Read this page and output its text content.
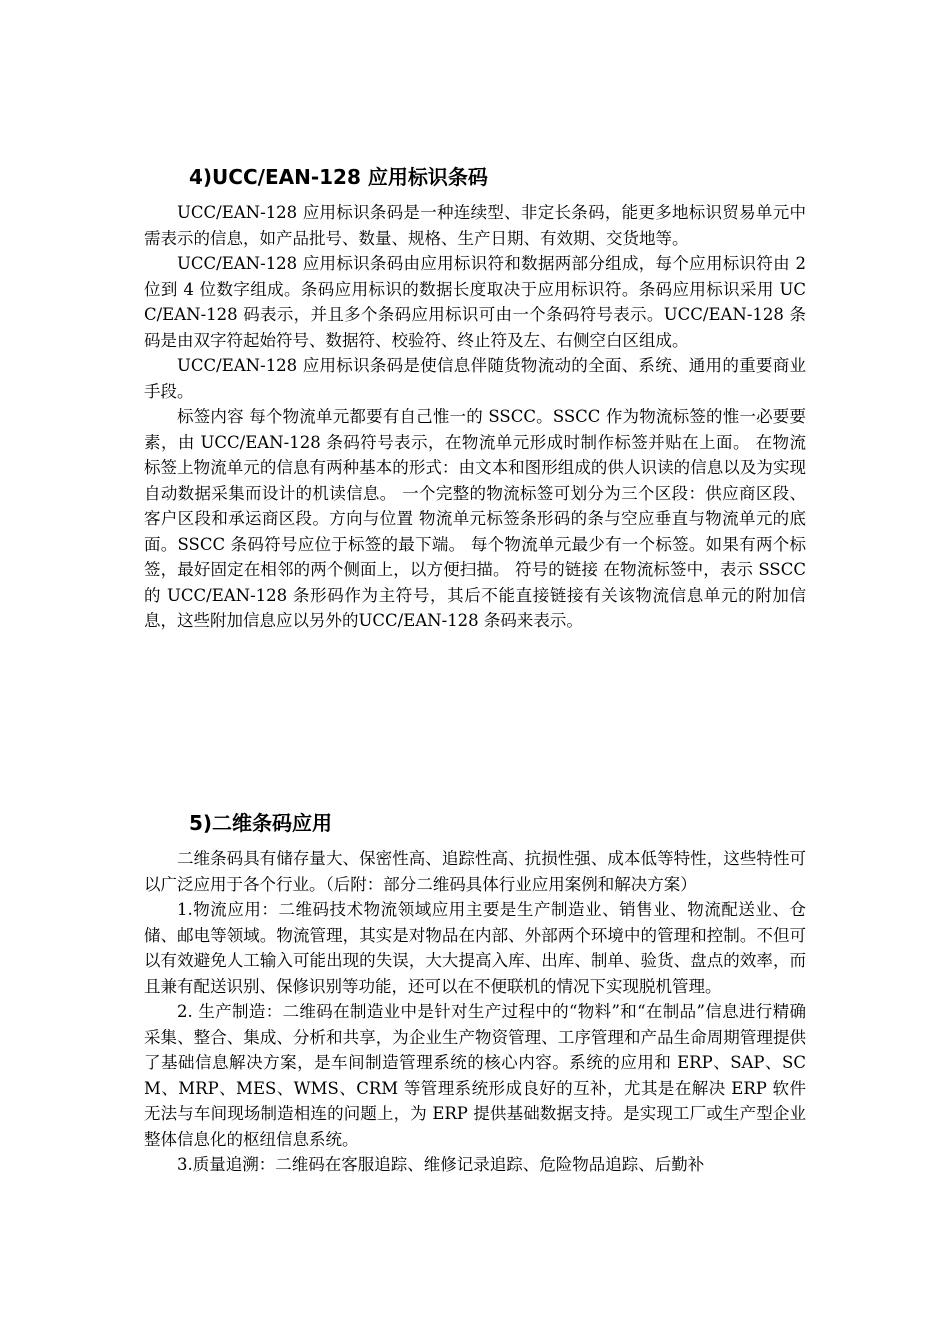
4)UCC/EAN-128 应用标识条码

UCC/EAN-128 应用标识条码是一种连续型、非定长条码，能更多地标识贸易单元中需表示的信息，如产品批号、数量、规格、生产日期、有效期、交货地等。

UCC/EAN-128 应用标识条码由应用标识符和数据两部分组成，每个应用标识符由 2 位到 4 位数字组成。条码应用标识的数据长度取决于应用标识符。条码应用标识采用 UCC/EAN-128 码表示，并且多个条码应用标识可由一个条码符号表示。UCC/EAN-128 条码是由双字符起始符号、数据符、校验符、终止符及左、右侧空白区组成。

UCC/EAN-128 应用标识条码是使信息伴随货物流动的全面、系统、通用的重要商业手段。

标签内容 每个物流单元都要有自己惟一的 SSCC。SSCC 作为物流标签的惟一必要要素，由 UCC/EAN-128 条码符号表示，在物流单元形成时制作标签并贴在上面。 在物流标签上物流单元的信息有两种基本的形式：由文本和图形组成的供人识读的信息以及为实现自动数据采集而设计的机读信息。 一个完整的物流标签可划分为三个区段：供应商区段、客户区段和承运商区段。方向与位置 物流单元标签条形码的条与空应垂直与物流单元的底面。SSCC 条码符号应位于标签的最下端。 每个物流单元最少有一个标签。如果有两个标签，最好固定在相邻的两个侧面上，以方便扫描。 符号的链接 在物流标签中，表示 SSCC 的 UCC/EAN-128 条形码作为主符号，其后不能直接链接有关该物流信息单元的附加信息，这些附加信息应以另外的UCC/EAN-128 条码来表示。

5)二维条码应用

二维条码具有储存量大、保密性高、追踪性高、抗损性强、成本低等特性，这些特性可以广泛应用于各个行业。（后附：部分二维码具体行业应用案例和解决方案）

1.物流应用：二维码技术物流领域应用主要是生产制造业、销售业、物流配送业、仓储、邮电等领域。物流管理，其实是对物品在内部、外部两个环境中的管理和控制。不但可以有效避免人工输入可能出现的失误，大大提高入库、出库、制单、验货、盘点的效率，而且兼有配送识别、保修识别等功能，还可以在不便联机的情况下实现脱机管理。

2. 生产制造：二维码在制造业中是针对生产过程中的“物料”和“在制品”信息进行精确采集、整合、集成、分析和共享，为企业生产物资管理、工序管理和产品生命周期管理提供了基础信息解决方案，是车间制造管理系统的核心内容。系统的应用和 ERP、SAP、SCM、MRP、MES、WMS、CRM 等管理系统形成良好的互补，尤其是在解决 ERP 软件无法与车间现场制造相连的问题上，为 ERP 提供基础数据支持。是实现工厂或生产型企业整体信息化的枢纽信息系统。

3.质量追溯：二维码在客服追踪、维修记录追踪、危险物品追踪、后勤补
